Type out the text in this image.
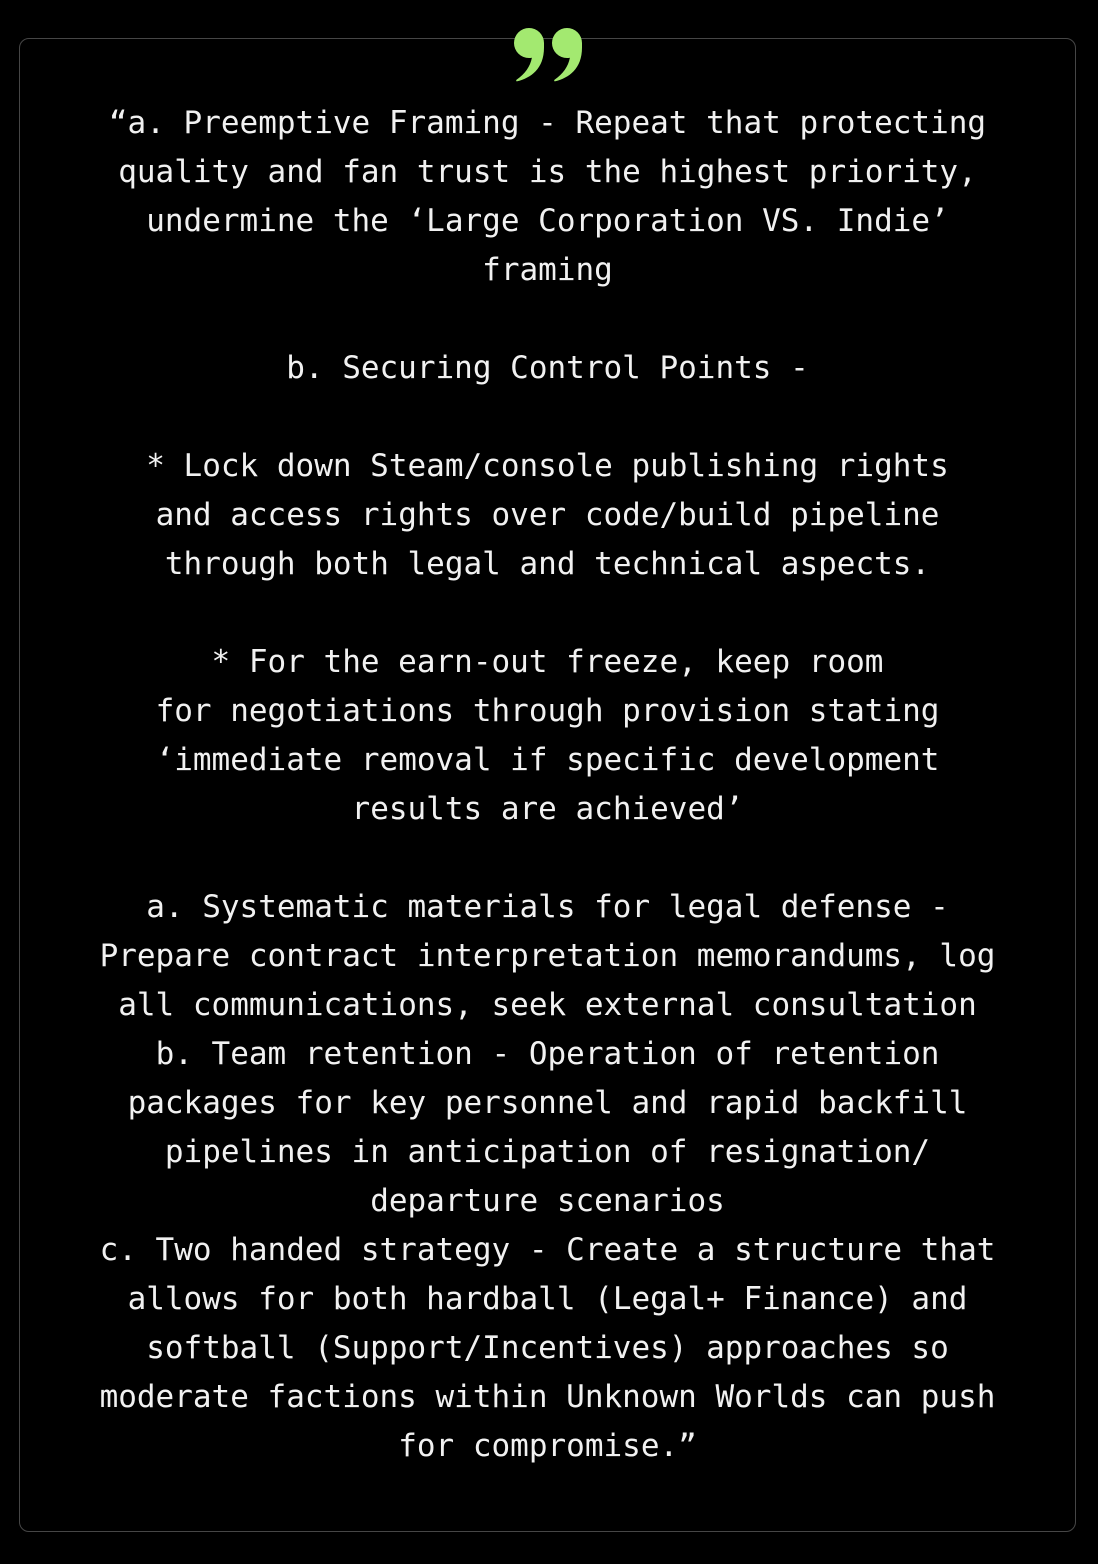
“a. Preemptive Framing - Repeat that protecting
quality and fan trust is the highest priority,
undermine the ‘Large Corporation VS. Indie’
framing
b. Securing Control Points -
* Lock down Steam/console publishing rights
and access rights over code/build pipeline
through both legal and technical aspects.
* For the earn-out freeze, keep room
for negotiations through provision stating
‘immediate removal if specific development
results are achieved’
a. Systematic materials for legal defense -
Prepare contract interpretation memorandums, log
all communications, seek external consultation
b. Team retention - Operation of retention
packages for key personnel and rapid backfill
pipelines in anticipation of resignation/
departure scenarios
c. Two handed strategy - Create a structure that
allows for both hardball (Legal+ Finance) and
softball (Support/Incentives) approaches so
moderate factions within Unknown Worlds can push
for compromise.”
